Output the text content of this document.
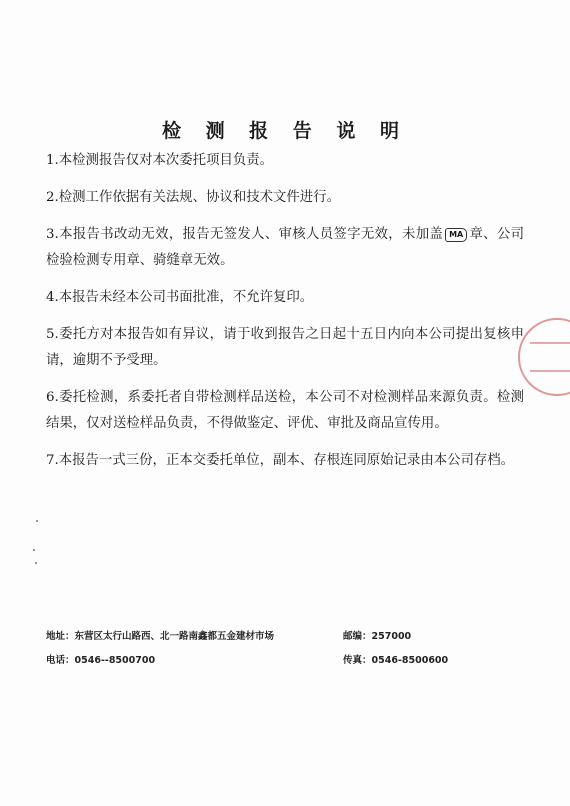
检 测 报 告 说 明

1.本检测报告仅对本次委托项目负责。

2.检测工作依据有关法规、协议和技术文件进行。

3.本报告书改动无效，报告无签发人、审核人员签字无效，未加盖 MA 章、公司检验检测专用章、骑缝章无效。

4.本报告未经本公司书面批准，不允许复印。

5.委托方对本报告如有异议，请于收到报告之日起十五日内向本公司提出复核申请，逾期不予受理。

6.委托检测，系委托者自带检测样品送检，本公司不对检测样品来源负责。检测结果，仅对送检样品负责，不得做鉴定、评优、审批及商品宣传用。

7.本报告一式三份，正本交委托单位，副本、存根连同原始记录由本公司存档。

地址：东营区太行山路西、北一路南鑫都五金建材市场	邮编：257000
电话：0546--8500700	传真：0546-8500600
